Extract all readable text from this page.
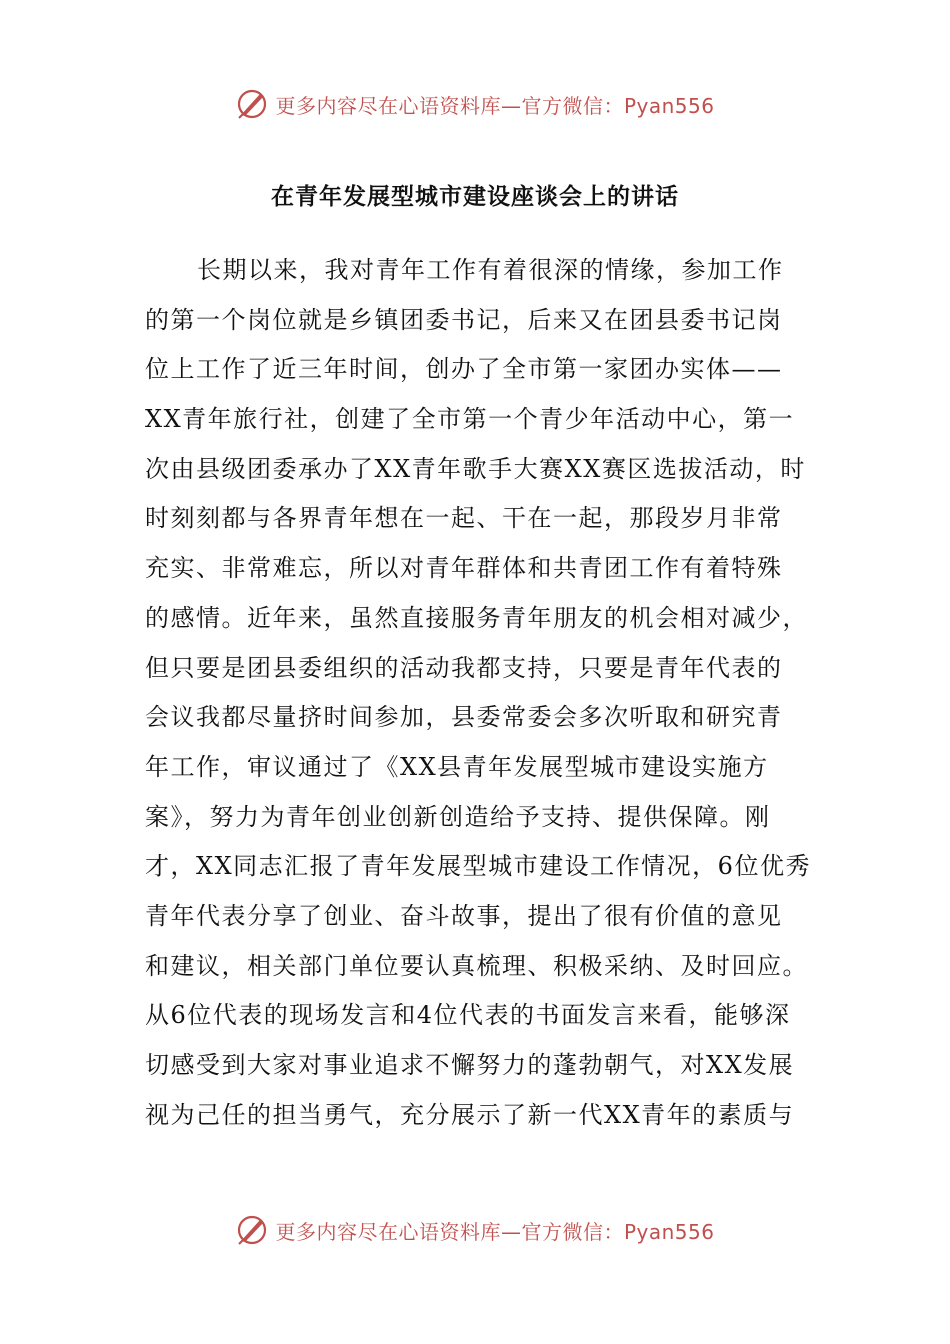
更多内容尽在心语资料库—官方微信：Pyan556
在青年发展型城市建设座谈会上的讲话
长期以来，我对青年工作有着很深的情缘，参加工作
的第一个岗位就是乡镇团委书记，后来又在团县委书记岗
位上工作了近三年时间，创办了全市第一家团办实体——
XX青年旅行社，创建了全市第一个青少年活动中心，第一
次由县级团委承办了XX青年歌手大赛XX赛区选拔活动，时
时刻刻都与各界青年想在一起、干在一起，那段岁月非常
充实、非常难忘，所以对青年群体和共青团工作有着特殊
的感情。近年来，虽然直接服务青年朋友的机会相对减少，
但只要是团县委组织的活动我都支持，只要是青年代表的
会议我都尽量挤时间参加，县委常委会多次听取和研究青
年工作，审议通过了《XX县青年发展型城市建设实施方
案》，努力为青年创业创新创造给予支持、提供保障。刚
才，XX同志汇报了青年发展型城市建设工作情况，6位优秀
青年代表分享了创业、奋斗故事，提出了很有价值的意见
和建议，相关部门单位要认真梳理、积极采纳、及时回应。
从6位代表的现场发言和4位代表的书面发言来看，能够深
切感受到大家对事业追求不懈努力的蓬勃朝气，对XX发展
视为己任的担当勇气，充分展示了新一代XX青年的素质与
更多内容尽在心语资料库—官方微信：Pyan556
